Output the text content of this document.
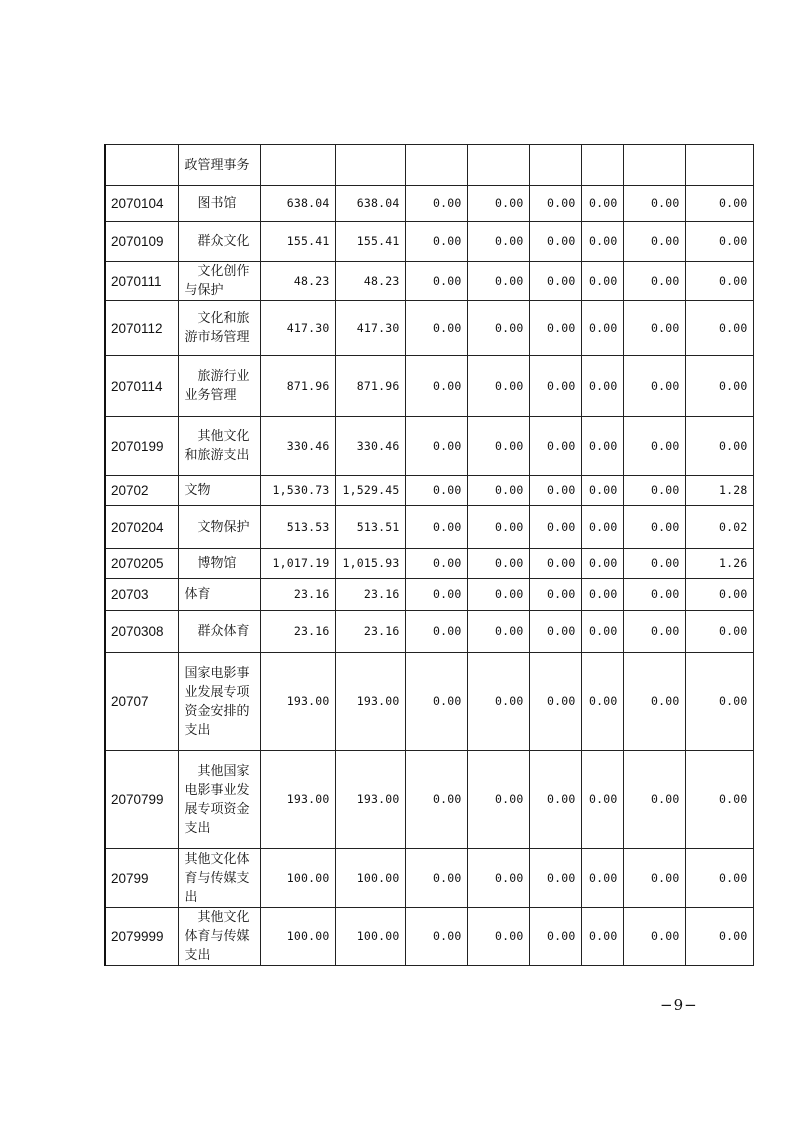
	政管理事务								
2070104	图书馆	638.04	638.04	0.00	0.00	0.00	0.00	0.00	0.00
2070109	群众文化	155.41	155.41	0.00	0.00	0.00	0.00	0.00	0.00
2070111	文化创作与保护	48.23	48.23	0.00	0.00	0.00	0.00	0.00	0.00
2070112	文化和旅游市场管理	417.30	417.30	0.00	0.00	0.00	0.00	0.00	0.00
2070114	旅游行业业务管理	871.96	871.96	0.00	0.00	0.00	0.00	0.00	0.00
2070199	其他文化和旅游支出	330.46	330.46	0.00	0.00	0.00	0.00	0.00	0.00
20702	文物	1,530.73	1,529.45	0.00	0.00	0.00	0.00	0.00	1.28
2070204	文物保护	513.53	513.51	0.00	0.00	0.00	0.00	0.00	0.02
2070205	博物馆	1,017.19	1,015.93	0.00	0.00	0.00	0.00	0.00	1.26
20703	体育	23.16	23.16	0.00	0.00	0.00	0.00	0.00	0.00
2070308	群众体育	23.16	23.16	0.00	0.00	0.00	0.00	0.00	0.00
20707	国家电影事业发展专项资金安排的支出	193.00	193.00	0.00	0.00	0.00	0.00	0.00	0.00
2070799	其他国家电影事业发展专项资金支出	193.00	193.00	0.00	0.00	0.00	0.00	0.00	0.00
20799	其他文化体育与传媒支出	100.00	100.00	0.00	0.00	0.00	0.00	0.00	0.00
2079999	其他文化体育与传媒支出	100.00	100.00	0.00	0.00	0.00	0.00	0.00	0.00
−9−
